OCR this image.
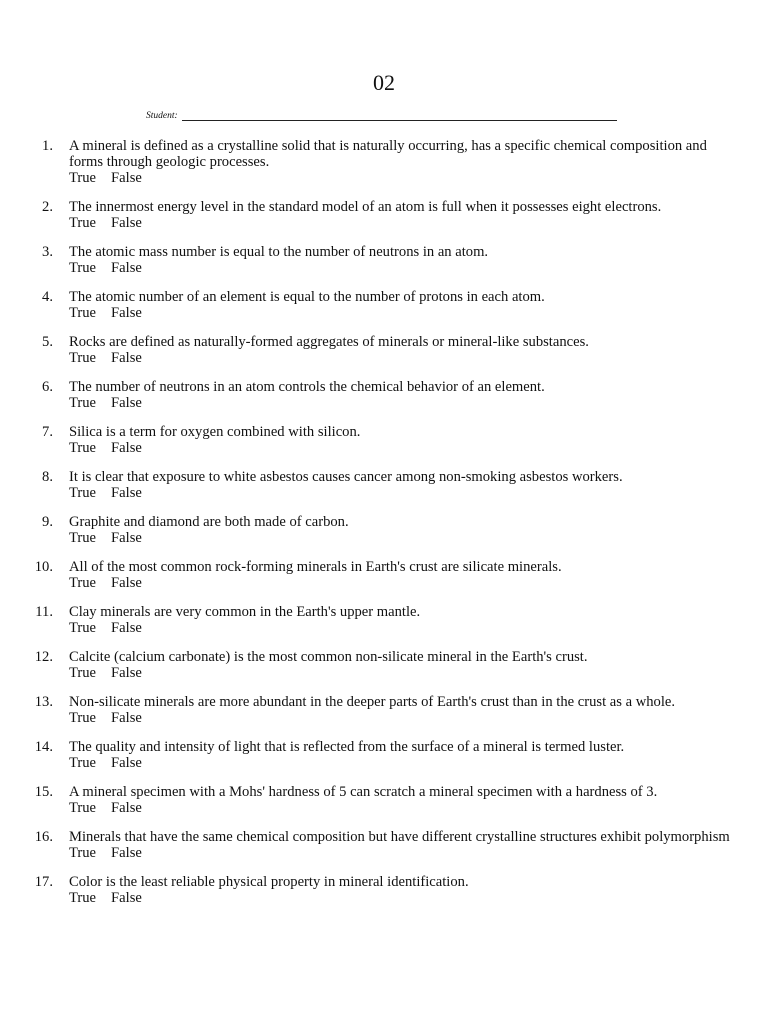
02
Student:
1. A mineral is defined as a crystalline solid that is naturally occurring, has a specific chemical composition and forms through geologic processes.
True False
2. The innermost energy level in the standard model of an atom is full when it possesses eight electrons.
True False
3. The atomic mass number is equal to the number of neutrons in an atom.
True False
4. The atomic number of an element is equal to the number of protons in each atom.
True False
5. Rocks are defined as naturally-formed aggregates of minerals or mineral-like substances.
True False
6. The number of neutrons in an atom controls the chemical behavior of an element.
True False
7. Silica is a term for oxygen combined with silicon.
True False
8. It is clear that exposure to white asbestos causes cancer among non-smoking asbestos workers.
True False
9. Graphite and diamond are both made of carbon.
True False
10. All of the most common rock-forming minerals in Earth's crust are silicate minerals.
True False
11. Clay minerals are very common in the Earth's upper mantle.
True False
12. Calcite (calcium carbonate) is the most common non-silicate mineral in the Earth's crust.
True False
13. Non-silicate minerals are more abundant in the deeper parts of Earth's crust than in the crust as a whole.
True False
14. The quality and intensity of light that is reflected from the surface of a mineral is termed luster.
True False
15. A mineral specimen with a Mohs' hardness of 5 can scratch a mineral specimen with a hardness of 3.
True False
16. Minerals that have the same chemical composition but have different crystalline structures exhibit polymorphism
True False
17. Color is the least reliable physical property in mineral identification.
True False
